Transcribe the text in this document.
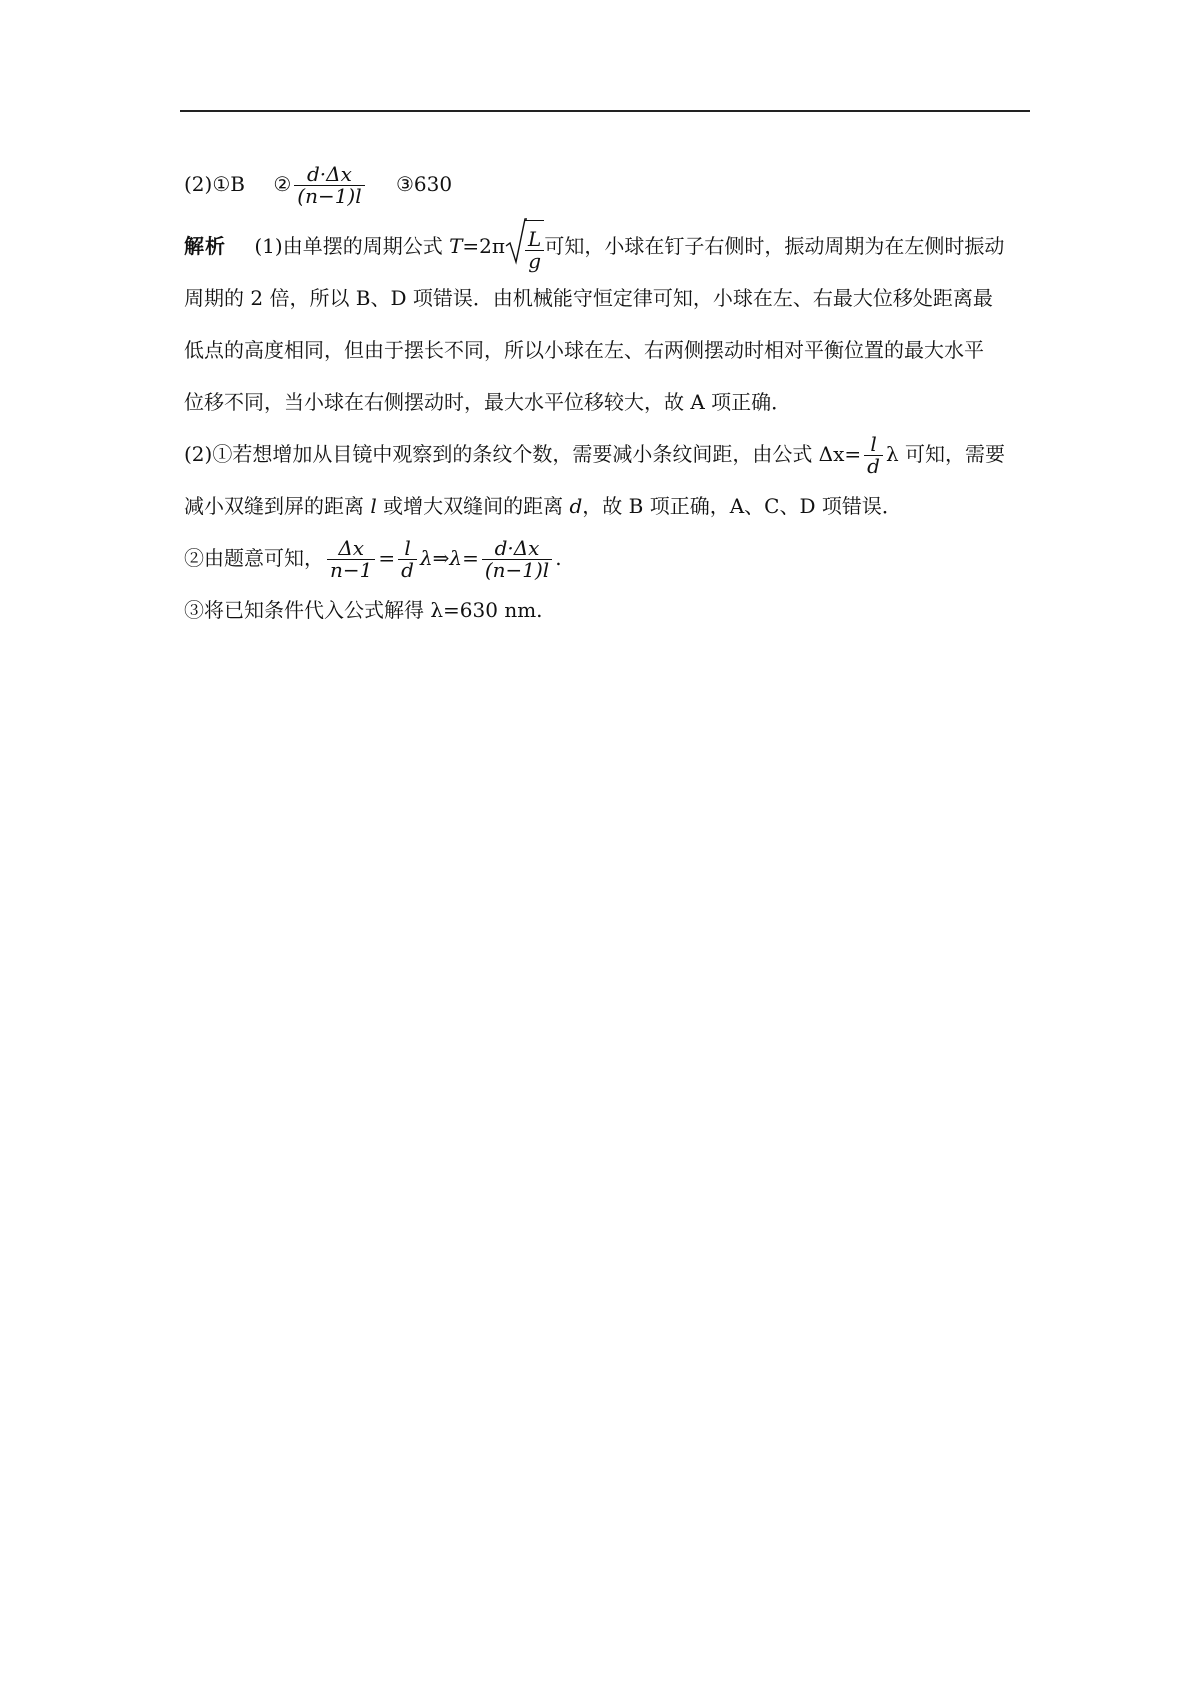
(2)①B ② $\frac{d\cdot\Delta x}{(n-1)l}$ ③630
解析 (1)由单摆的周期公式 $T=2\pi \frac{L}{g}$ 可知，小球在钉子右侧时，振动周期为在左侧时振动
周期的 2 倍，所以 B、D 项错误．由机械能守恒定律可知，小球在左、右最大位移处距离最
低点的高度相同，但由于摆长不同，所以小球在左、右两侧摆动时相对平衡位置的最大水平
位移不同，当小球在右侧摆动时，最大水平位移较大，故 A 项正确．
(2)①若想增加从目镜中观察到的条纹个数，需要减小条纹间距，由公式 $\Delta x= \frac{l}{d}$ λ 可知，需要
减小双缝到屏的距离 l 或增大双缝间的距离 d，故 B 项正确，A、C、D 项错误．
②由题意可知， $\frac{\Delta x}{n-1} = \frac{l}{d}$ λ⇒λ= $\frac{d\cdot\Delta x}{(n-1)l}$ .
③将已知条件代入公式解得 λ=630 nm.
